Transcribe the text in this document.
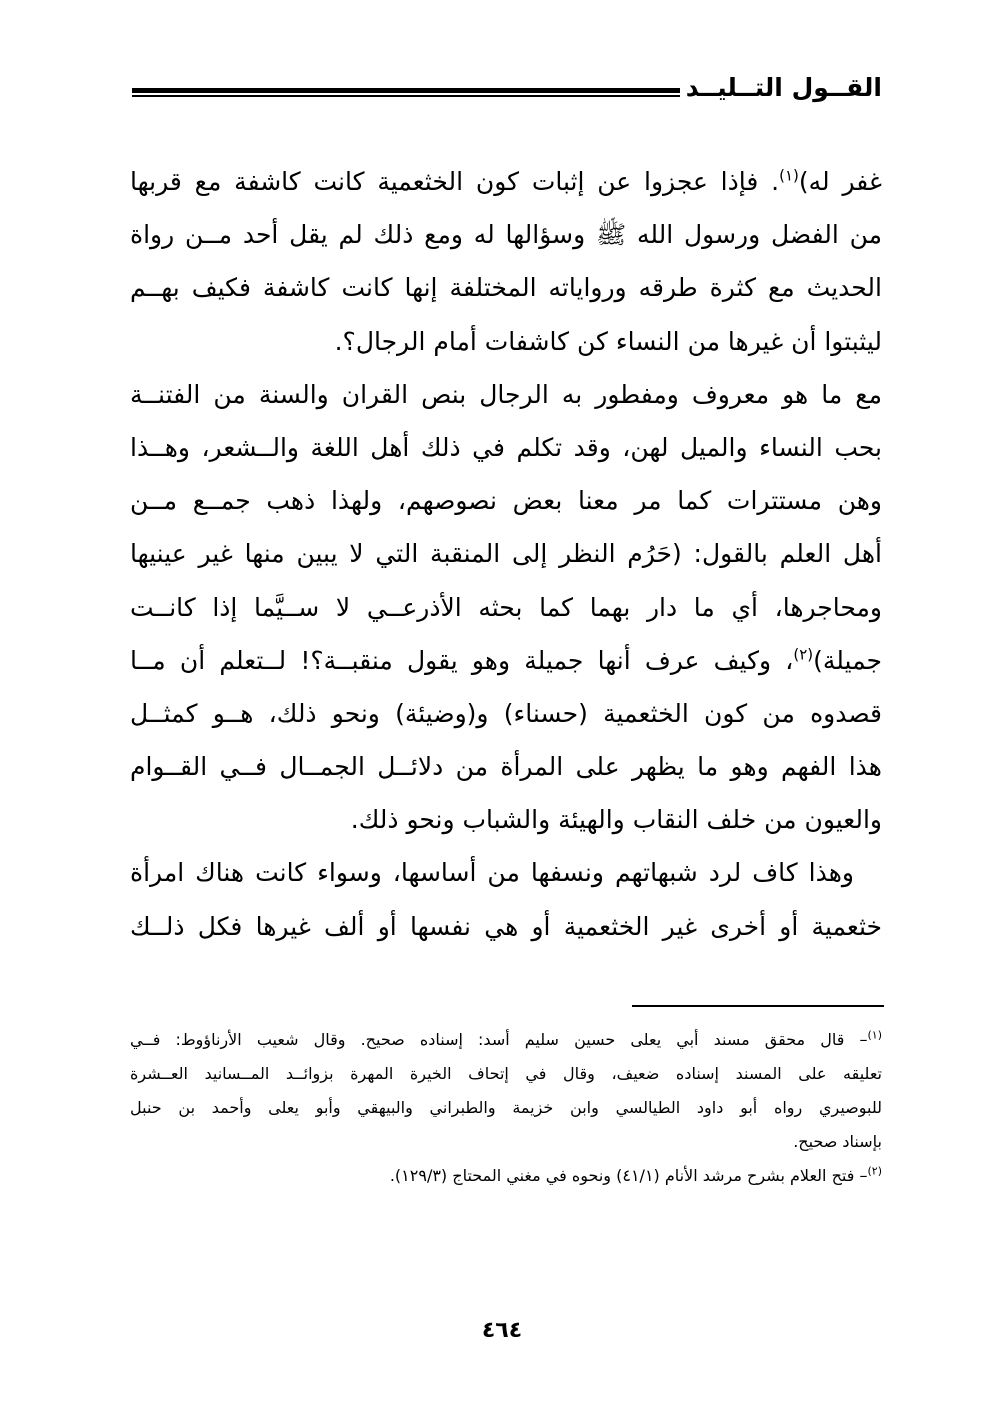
القــول التــليــد
غفر له)$^{(١)}$. فإذا عجزوا عن إثبات كون الخثعمية كانت كاشفة مع قربها
من الفضل ورسول الله ﷺ وسؤالها له ومع ذلك لم يقل أحد مــن رواة
الحديث مع كثرة طرقه ورواياته المختلفة إنها كانت كاشفة فكيف بهــم
ليثبتوا أن غيرها من النساء كن كاشفات أمام الرجال؟.
مع ما هو معروف ومفطور به الرجال بنص القران والسنة من الفتنــة
بحب النساء والميل لهن، وقد تكلم في ذلك أهل اللغة والــشعر، وهــذا
وهن مستترات كما مر معنا بعض نصوصهم، ولهذا ذهب جمــع مــن
أهل العلم بالقول: (حَرُم النظر إلى المنقبة التي لا يبين منها غير عينيها
ومحاجرها، أي ما دار بهما كما بحثه الأذرعــي لا ســيَّما إذا كانــت
جميلة)$^{(٢)}$، وكيف عرف أنها جميلة وهو يقول منقبــة؟! لــتعلم أن مــا
قصدوه من كون الخثعمية (حسناء) و(وضيئة) ونحو ذلك، هــو كمثــل
هذا الفهم وهو ما يظهر على المرأة من دلائــل الجمــال فــي القــوام
والعيون من خلف النقاب والهيئة والشباب ونحو ذلك.
وهذا كاف لرد شبهاتهم ونسفها من أساسها، وسواء كانت هناك امرأة
خثعمية أو أخرى غير الخثعمية أو هي نفسها أو ألف غيرها فكل ذلــك
$^{(١)}$– قال محقق مسند أبي يعلى حسين سليم أسد: إسناده صحيح. وقال شعيب الأرناؤوط: فــي
تعليقه على المسند إسناده ضعيف، وقال في إتحاف الخيرة المهرة بزوائــد المــسانيد العــشرة
للبوصيري رواه أبو داود الطيالسي وابن خزيمة والطبراني والبيهقي وأبو يعلى وأحمد بن حنبل
بإسناد صحيح.
$^{(٢)}$– فتح العلام بشرح مرشد الأنام (٤١/١) ونحوه في مغني المحتاج (١٢٩/٣).
٤٦٤
